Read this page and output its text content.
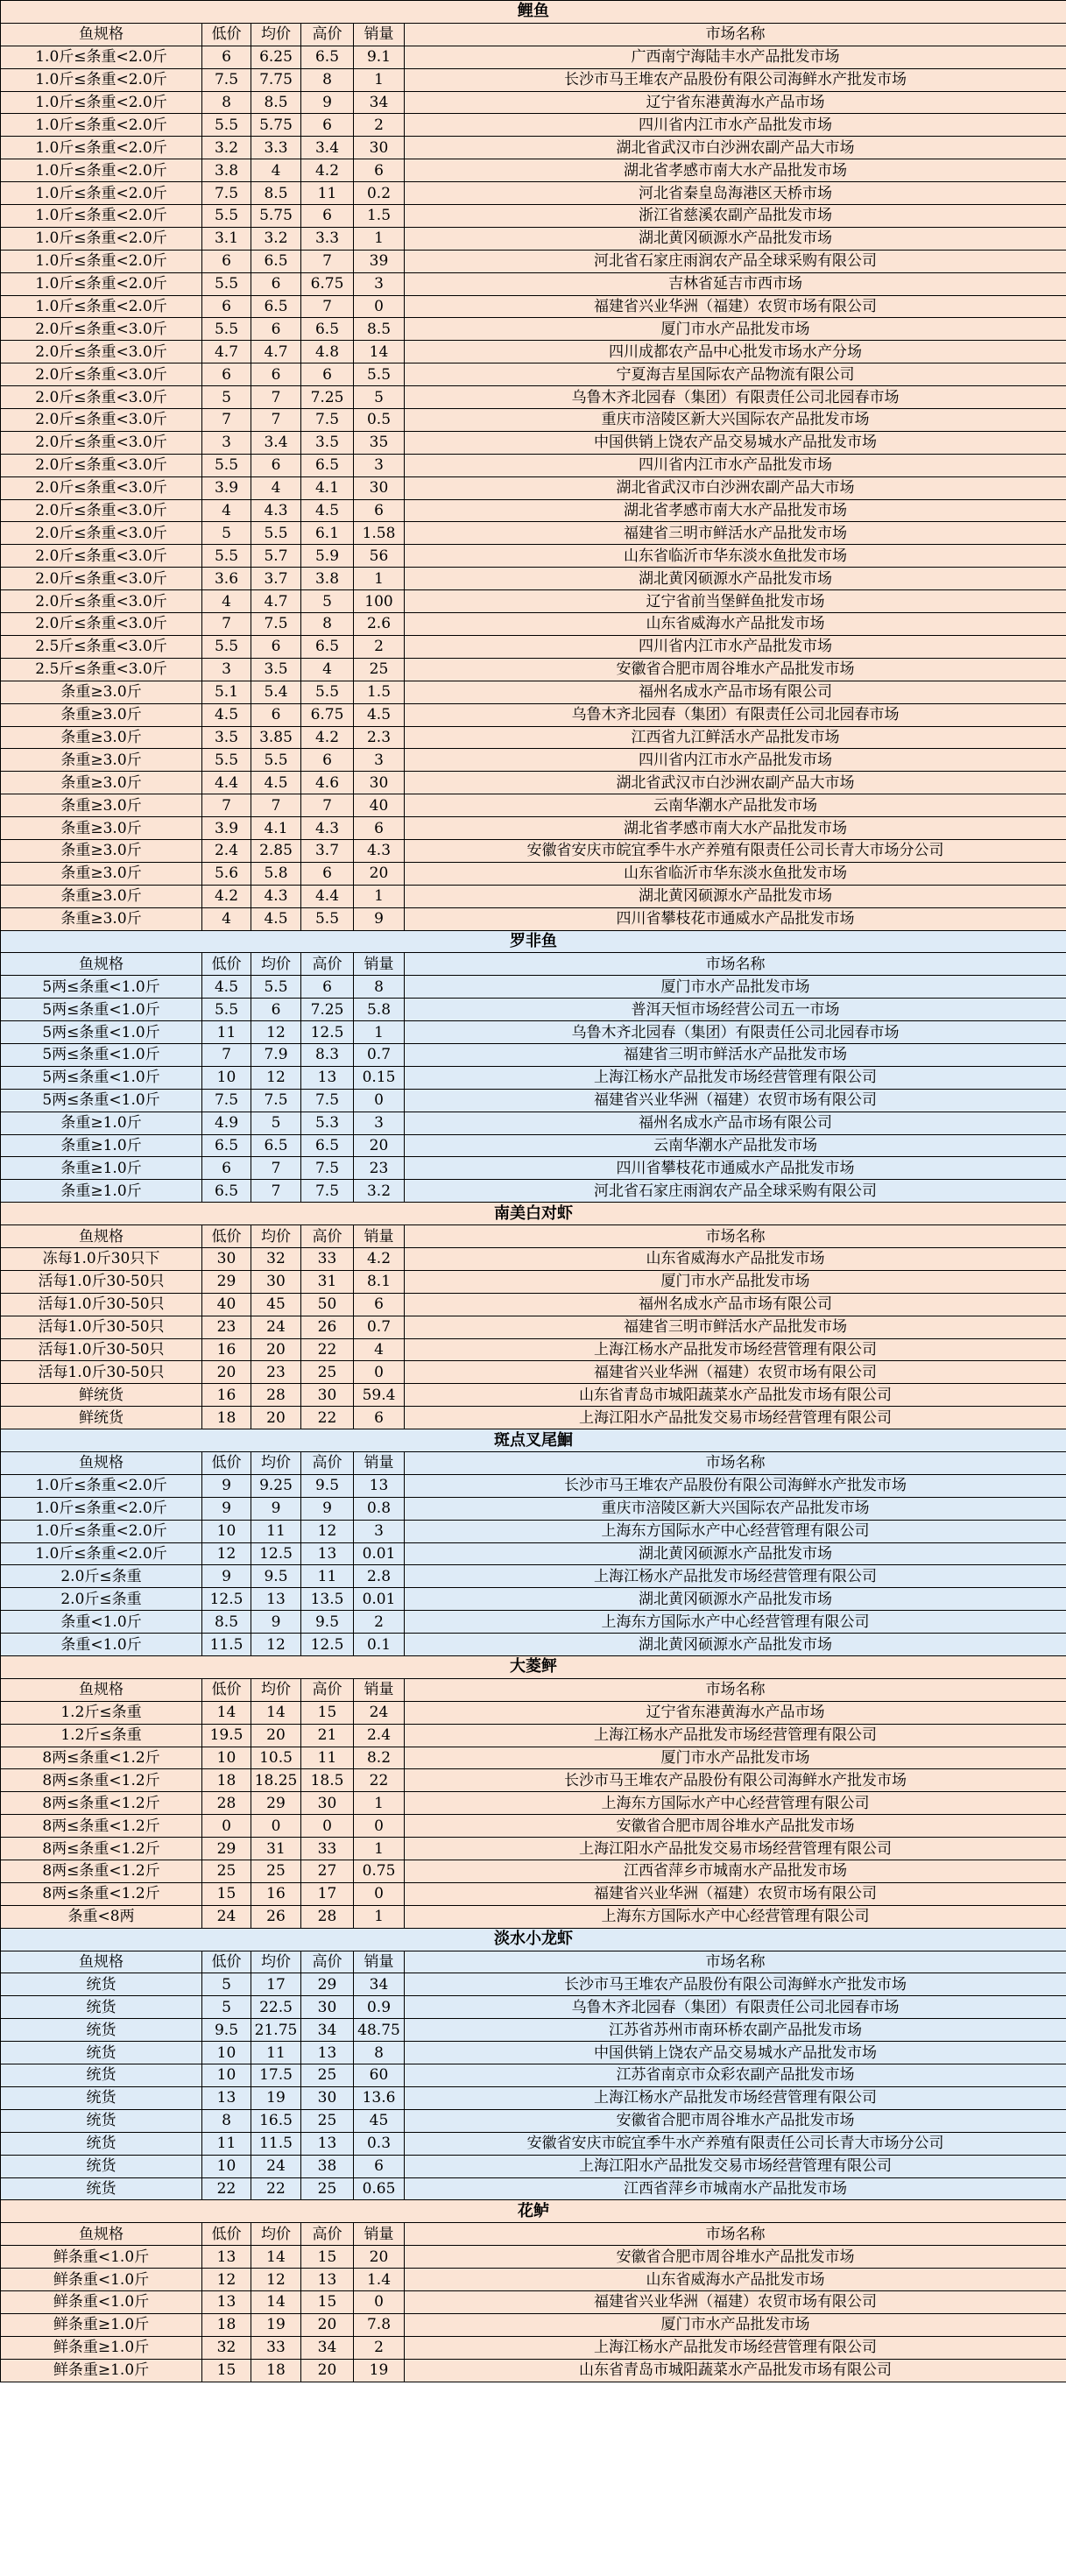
鲤鱼					
鱼规格	低价	均价	高价	销量	市场名称
1.0斤≤条重<2.0斤	6	6.25	6.5	9.1	广西南宁海陆丰水产品批发市场
1.0斤≤条重<2.0斤	7.5	7.75	8	1	长沙市马王堆农产品股份有限公司海鲜水产批发市场
1.0斤≤条重<2.0斤	8	8.5	9	34	辽宁省东港黄海水产品市场
1.0斤≤条重<2.0斤	5.5	5.75	6	2	四川省内江市水产品批发市场
1.0斤≤条重<2.0斤	3.2	3.3	3.4	30	湖北省武汉市白沙洲农副产品大市场
1.0斤≤条重<2.0斤	3.8	4	4.2	6	湖北省孝感市南大水产品批发市场
1.0斤≤条重<2.0斤	7.5	8.5	11	0.2	河北省秦皇岛海港区天桥市场
1.0斤≤条重<2.0斤	5.5	5.75	6	1.5	浙江省慈溪农副产品批发市场
1.0斤≤条重<2.0斤	3.1	3.2	3.3	1	湖北黄冈硕源水产品批发市场
1.0斤≤条重<2.0斤	6	6.5	7	39	河北省石家庄雨润农产品全球采购有限公司
1.0斤≤条重<2.0斤	5.5	6	6.75	3	吉林省延吉市西市场
1.0斤≤条重<2.0斤	6	6.5	7	0	福建省兴业华洲（福建）农贸市场有限公司
2.0斤≤条重<3.0斤	5.5	6	6.5	8.5	厦门市水产品批发市场
2.0斤≤条重<3.0斤	4.7	4.7	4.8	14	四川成都农产品中心批发市场水产分场
2.0斤≤条重<3.0斤	6	6	6	5.5	宁夏海吉星国际农产品物流有限公司
2.0斤≤条重<3.0斤	5	7	7.25	5	乌鲁木齐北园春（集团）有限责任公司北园春市场
2.0斤≤条重<3.0斤	7	7	7.5	0.5	重庆市涪陵区新大兴国际农产品批发市场
2.0斤≤条重<3.0斤	3	3.4	3.5	35	中国供销上饶农产品交易城水产品批发市场
2.0斤≤条重<3.0斤	5.5	6	6.5	3	四川省内江市水产品批发市场
2.0斤≤条重<3.0斤	3.9	4	4.1	30	湖北省武汉市白沙洲农副产品大市场
2.0斤≤条重<3.0斤	4	4.3	4.5	6	湖北省孝感市南大水产品批发市场
2.0斤≤条重<3.0斤	5	5.5	6.1	1.58	福建省三明市鲜活水产品批发市场
2.0斤≤条重<3.0斤	5.5	5.7	5.9	56	山东省临沂市华东淡水鱼批发市场
2.0斤≤条重<3.0斤	3.6	3.7	3.8	1	湖北黄冈硕源水产品批发市场
2.0斤≤条重<3.0斤	4	4.7	5	100	辽宁省前当堡鲜鱼批发市场
2.0斤≤条重<3.0斤	7	7.5	8	2.6	山东省威海水产品批发市场
2.5斤≤条重<3.0斤	5.5	6	6.5	2	四川省内江市水产品批发市场
2.5斤≤条重<3.0斤	3	3.5	4	25	安徽省合肥市周谷堆水产品批发市场
条重≥3.0斤	5.1	5.4	5.5	1.5	福州名成水产品市场有限公司
条重≥3.0斤	4.5	6	6.75	4.5	乌鲁木齐北园春（集团）有限责任公司北园春市场
条重≥3.0斤	3.5	3.85	4.2	2.3	江西省九江鲜活水产品批发市场
条重≥3.0斤	5.5	5.5	6	3	四川省内江市水产品批发市场
条重≥3.0斤	4.4	4.5	4.6	30	湖北省武汉市白沙洲农副产品大市场
条重≥3.0斤	7	7	7	40	云南华潮水产品批发市场
条重≥3.0斤	3.9	4.1	4.3	6	湖北省孝感市南大水产品批发市场
条重≥3.0斤	2.4	2.85	3.7	4.3	安徽省安庆市皖宜季牛水产养殖有限责任公司长青大市场分公司
条重≥3.0斤	5.6	5.8	6	20	山东省临沂市华东淡水鱼批发市场
条重≥3.0斤	4.2	4.3	4.4	1	湖北黄冈硕源水产品批发市场
条重≥3.0斤	4	4.5	5.5	9	四川省攀枝花市通威水产品批发市场
罗非鱼					
鱼规格	低价	均价	高价	销量	市场名称
5两≤条重<1.0斤	4.5	5.5	6	8	厦门市水产品批发市场
5两≤条重<1.0斤	5.5	6	7.25	5.8	普洱天恒市场经营公司五一市场
5两≤条重<1.0斤	11	12	12.5	1	乌鲁木齐北园春（集团）有限责任公司北园春市场
5两≤条重<1.0斤	7	7.9	8.3	0.7	福建省三明市鲜活水产品批发市场
5两≤条重<1.0斤	10	12	13	0.15	上海江杨水产品批发市场经营管理有限公司
5两≤条重<1.0斤	7.5	7.5	7.5	0	福建省兴业华洲（福建）农贸市场有限公司
条重≥1.0斤	4.9	5	5.3	3	福州名成水产品市场有限公司
条重≥1.0斤	6.5	6.5	6.5	20	云南华潮水产品批发市场
条重≥1.0斤	6	7	7.5	23	四川省攀枝花市通威水产品批发市场
条重≥1.0斤	6.5	7	7.5	3.2	河北省石家庄雨润农产品全球采购有限公司
南美白对虾					
鱼规格	低价	均价	高价	销量	市场名称
冻每1.0斤30只下	30	32	33	4.2	山东省威海水产品批发市场
活每1.0斤30-50只	29	30	31	8.1	厦门市水产品批发市场
活每1.0斤30-50只	40	45	50	6	福州名成水产品市场有限公司
活每1.0斤30-50只	23	24	26	0.7	福建省三明市鲜活水产品批发市场
活每1.0斤30-50只	16	20	22	4	上海江杨水产品批发市场经营管理有限公司
活每1.0斤30-50只	20	23	25	0	福建省兴业华洲（福建）农贸市场有限公司
鲜统货	16	28	30	59.4	山东省青岛市城阳蔬菜水产品批发市场有限公司
鲜统货	18	20	22	6	上海江阳水产品批发交易市场经营管理有限公司
斑点叉尾鮰					
鱼规格	低价	均价	高价	销量	市场名称
1.0斤≤条重<2.0斤	9	9.25	9.5	13	长沙市马王堆农产品股份有限公司海鲜水产批发市场
1.0斤≤条重<2.0斤	9	9	9	0.8	重庆市涪陵区新大兴国际农产品批发市场
1.0斤≤条重<2.0斤	10	11	12	3	上海东方国际水产中心经营管理有限公司
1.0斤≤条重<2.0斤	12	12.5	13	0.01	湖北黄冈硕源水产品批发市场
2.0斤≤条重	9	9.5	11	2.8	上海江杨水产品批发市场经营管理有限公司
2.0斤≤条重	12.5	13	13.5	0.01	湖北黄冈硕源水产品批发市场
条重<1.0斤	8.5	9	9.5	2	上海东方国际水产中心经营管理有限公司
条重<1.0斤	11.5	12	12.5	0.1	湖北黄冈硕源水产品批发市场
大菱鲆					
鱼规格	低价	均价	高价	销量	市场名称
1.2斤≤条重	14	14	15	24	辽宁省东港黄海水产品市场
1.2斤≤条重	19.5	20	21	2.4	上海江杨水产品批发市场经营管理有限公司
8两≤条重<1.2斤	10	10.5	11	8.2	厦门市水产品批发市场
8两≤条重<1.2斤	18	18.25	18.5	22	长沙市马王堆农产品股份有限公司海鲜水产批发市场
8两≤条重<1.2斤	28	29	30	1	上海东方国际水产中心经营管理有限公司
8两≤条重<1.2斤	0	0	0	0	安徽省合肥市周谷堆水产品批发市场
8两≤条重<1.2斤	29	31	33	1	上海江阳水产品批发交易市场经营管理有限公司
8两≤条重<1.2斤	25	25	27	0.75	江西省萍乡市城南水产品批发市场
8两≤条重<1.2斤	15	16	17	0	福建省兴业华洲（福建）农贸市场有限公司
条重<8两	24	26	28	1	上海东方国际水产中心经营管理有限公司
淡水小龙虾					
鱼规格	低价	均价	高价	销量	市场名称
统货	5	17	29	34	长沙市马王堆农产品股份有限公司海鲜水产批发市场
统货	5	22.5	30	0.9	乌鲁木齐北园春（集团）有限责任公司北园春市场
统货	9.5	21.75	34	48.75	江苏省苏州市南环桥农副产品批发市场
统货	10	11	13	8	中国供销上饶农产品交易城水产品批发市场
统货	10	17.5	25	60	江苏省南京市众彩农副产品批发市场
统货	13	19	30	13.6	上海江杨水产品批发市场经营管理有限公司
统货	8	16.5	25	45	安徽省合肥市周谷堆水产品批发市场
统货	11	11.5	13	0.3	安徽省安庆市皖宜季牛水产养殖有限责任公司长青大市场分公司
统货	10	24	38	6	上海江阳水产品批发交易市场经营管理有限公司
统货	22	22	25	0.65	江西省萍乡市城南水产品批发市场
花鲈					
鱼规格	低价	均价	高价	销量	市场名称
鲜条重<1.0斤	13	14	15	20	安徽省合肥市周谷堆水产品批发市场
鲜条重<1.0斤	12	12	13	1.4	山东省威海水产品批发市场
鲜条重<1.0斤	13	14	15	0	福建省兴业华洲（福建）农贸市场有限公司
鲜条重≥1.0斤	18	19	20	7.8	厦门市水产品批发市场
鲜条重≥1.0斤	32	33	34	2	上海江杨水产品批发市场经营管理有限公司
鲜条重≥1.0斤	15	18	20	19	山东省青岛市城阳蔬菜水产品批发市场有限公司
